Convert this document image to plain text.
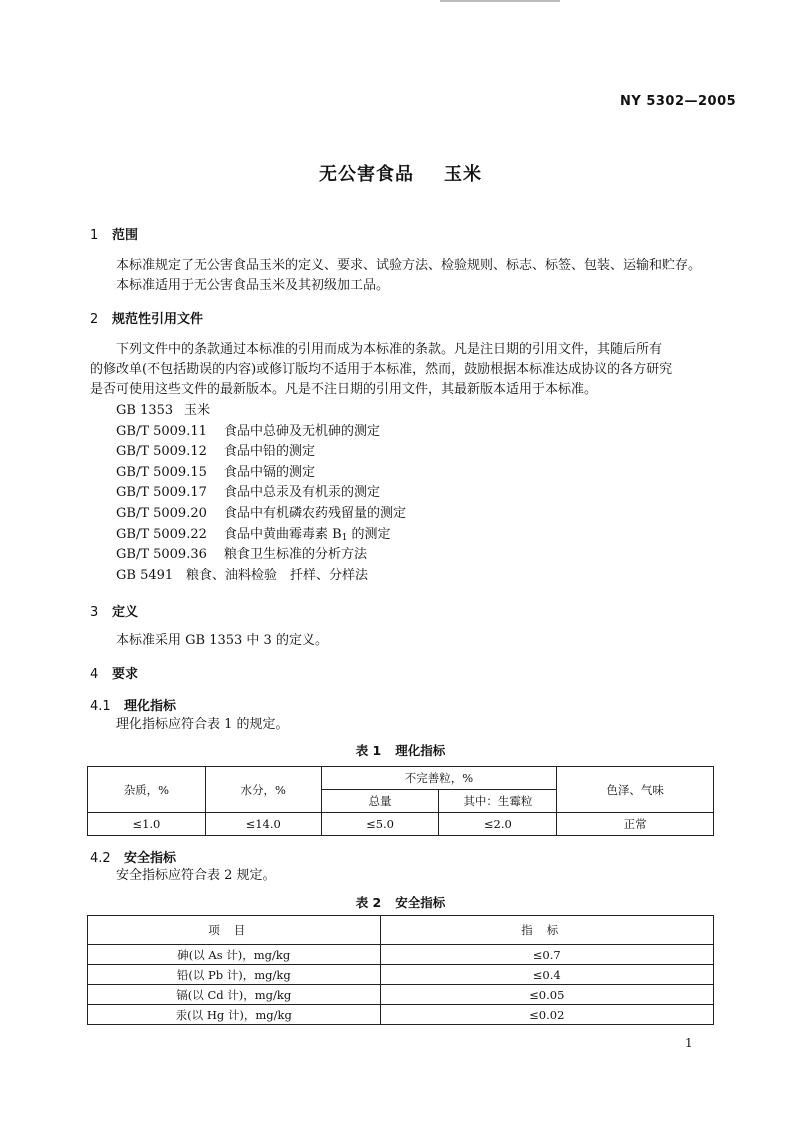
NY 5302—2005
无公害食品 玉米
1 范围
本标准规定了无公害食品玉米的定义、要求、试验方法、检验规则、标志、标签、包装、运输和贮存。
本标准适用于无公害食品玉米及其初级加工品。
2 规范性引用文件
下列文件中的条款通过本标准的引用而成为本标准的条款。凡是注日期的引用文件，其随后所有
的修改单(不包括勘误的内容)或修订版均不适用于本标准，然而，鼓励根据本标准达成协议的各方研究
是否可使用这些文件的最新版本。凡是不注日期的引用文件，其最新版本适用于本标准。
GB 1353 玉米
GB/T 5009.11 食品中总砷及无机砷的测定
GB/T 5009.12 食品中铅的测定
GB/T 5009.15 食品中镉的测定
GB/T 5009.17 食品中总汞及有机汞的测定
GB/T 5009.20 食品中有机磷农药残留量的测定
GB/T 5009.22 食品中黄曲霉毒素 B1 的测定
GB/T 5009.36 粮食卫生标准的分析方法
GB 5491 粮食、油料检验　扦样、分样法
3 定义
本标准采用 GB 1353 中 3 的定义。
4 要求
4.1 理化指标
理化指标应符合表 1 的规定。
表 1 理化指标
杂质，%	水分，%	不完善粒，%		色泽、气味
		总量	其中：生霉粒	
≤1.0	≤14.0	≤5.0	≤2.0	正常
4.2 安全指标
安全指标应符合表 2 规定。
表 2 安全指标
项目	指标
砷(以 As 计)，mg/kg	≤0.7
铅(以 Pb 计)，mg/kg	≤0.4
镉(以 Cd 计)，mg/kg	≤0.05
汞(以 Hg 计)，mg/kg	≤0.02
1
